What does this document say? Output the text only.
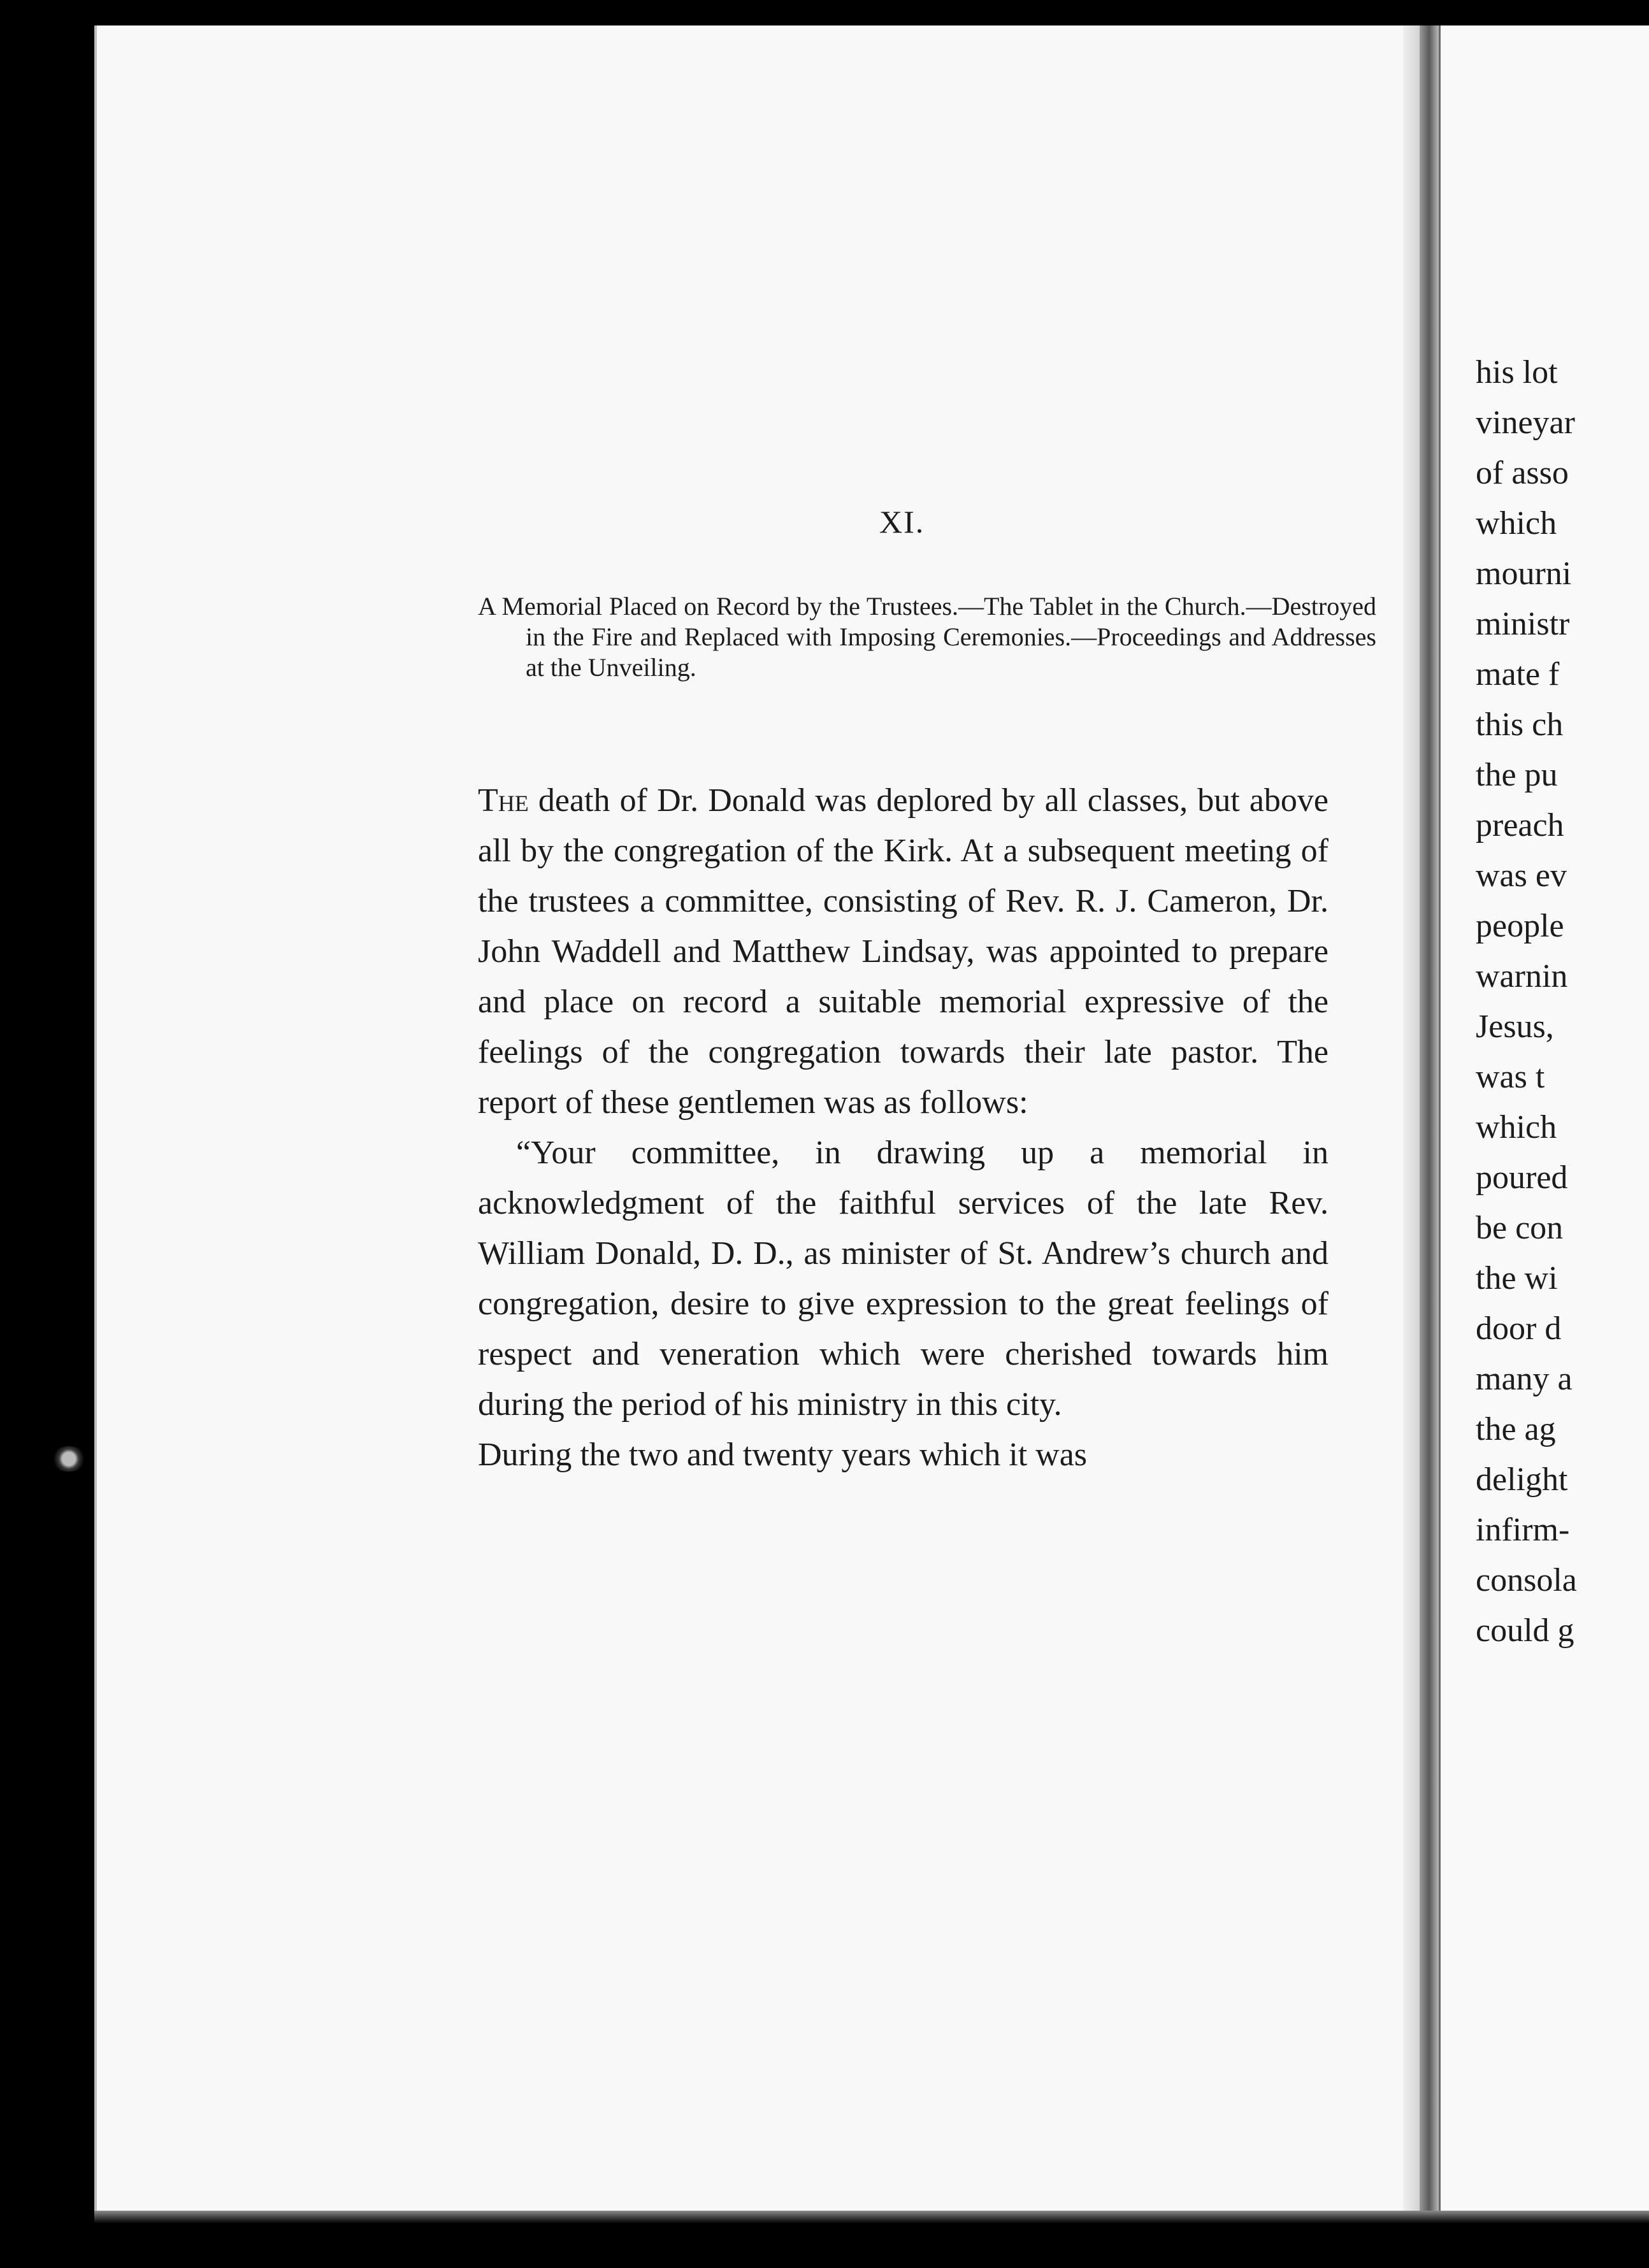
his lot
vineyar
of asso
which
mourni
ministr
mate f
this ch
the pu
preach
was ev
people
warnin
Jesus,
was t
which
poured
be con
the wi
door d
many a
the ag
delight
infirm-
consola
could g
XI.

A Memorial Placed on Record by the Trustees.—The Tablet in the Church.—Destroyed in the Fire and Replaced with Imposing Ceremonies.—Proceedings and Addresses at the Unveiling.

The death of Dr. Donald was deplored by all classes, but above all by the congregation of the Kirk. At a subsequent meeting of the trustees a committee, consisting of Rev. R. J. Cameron, Dr. John Waddell and Matthew Lindsay, was appointed to prepare and place on record a suitable memorial expressive of the feelings of the congregation towards their late pastor. The report of these gentlemen was as follows:

“Your committee, in drawing up a memorial in acknowledgment of the faithful services of the late Rev. William Donald, D. D., as minister of St. Andrew’s church and congregation, desire to give expression to the great feelings of respect and veneration which were cherished towards him during the period of his ministry in this city.

During the two and twenty years which it was
